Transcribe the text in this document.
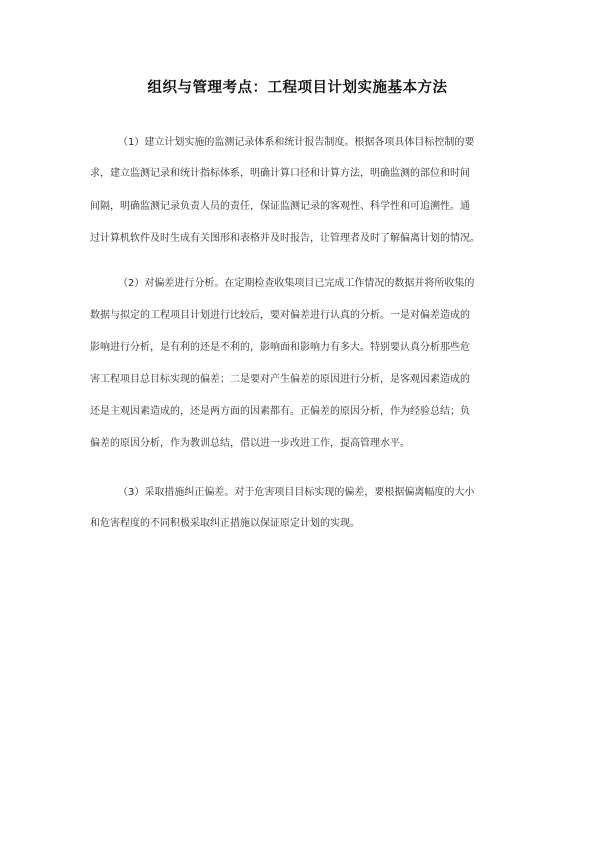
组织与管理考点：工程项目计划实施基本方法
（1）建立计划实施的监测记录体系和统计报告制度。根据各项具体目标控制的要
求，建立监测记录和统计指标体系，明确计算口径和计算方法，明确监测的部位和时间
间隔，明确监测记录负责人员的责任，保证监测记录的客观性、科学性和可追溯性。通
过计算机软件及时生成有关图形和表格并及时报告，让管理者及时了解偏离计划的情况。
（2）对偏差进行分析。在定期检查收集项目已完成工作情况的数据并将所收集的
数据与拟定的工程项目计划进行比较后，要对偏差进行认真的分析。一是对偏差造成的
影响进行分析，是有利的还是不利的，影响面和影响力有多大。特别要认真分析那些危
害工程项目总目标实现的偏差；二是要对产生偏差的原因进行分析，是客观因素造成的
还是主观因素造成的，还是两方面的因素都有。正偏差的原因分析，作为经验总结；负
偏差的原因分析，作为教训总结，借以进一步改进工作，提高管理水平。
（3）采取措施纠正偏差。对于危害项目目标实现的偏差，要根据偏离幅度的大小
和危害程度的不同积极采取纠正措施以保证原定计划的实现。
